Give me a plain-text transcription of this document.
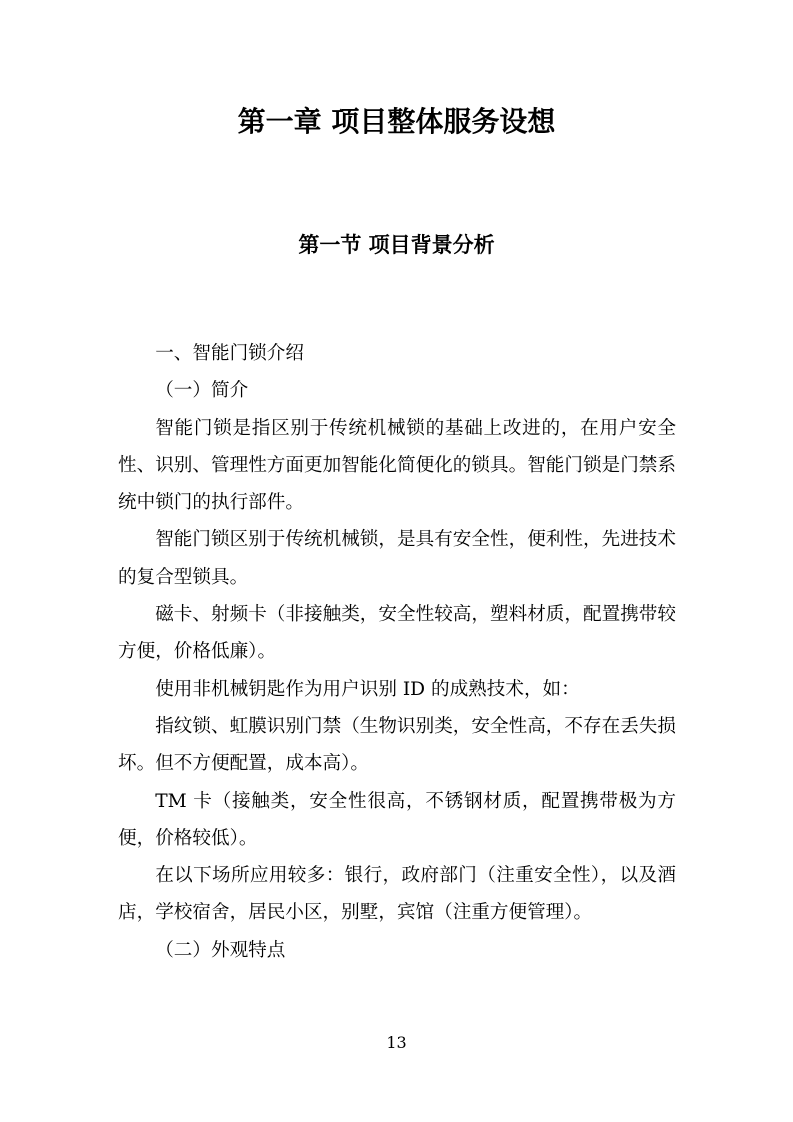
第一章 项目整体服务设想
第一节 项目背景分析

一、智能门锁介绍

（一）简介

智能门锁是指区别于传统机械锁的基础上改进的，在用户安全性、识别、管理性方面更加智能化简便化的锁具。智能门锁是门禁系统中锁门的执行部件。

智能门锁区别于传统机械锁，是具有安全性，便利性，先进技术的复合型锁具。

磁卡、射频卡（非接触类，安全性较高，塑料材质，配置携带较方便，价格低廉）。

使用非机械钥匙作为用户识别 ID 的成熟技术，如：

指纹锁、虹膜识别门禁（生物识别类，安全性高，不存在丢失损坏。但不方便配置，成本高）。

TM 卡（接触类，安全性很高，不锈钢材质，配置携带极为方便，价格较低）。

在以下场所应用较多：银行，政府部门（注重安全性），以及酒店，学校宿舍，居民小区，别墅，宾馆（注重方便管理）。

（二）外观特点

13
